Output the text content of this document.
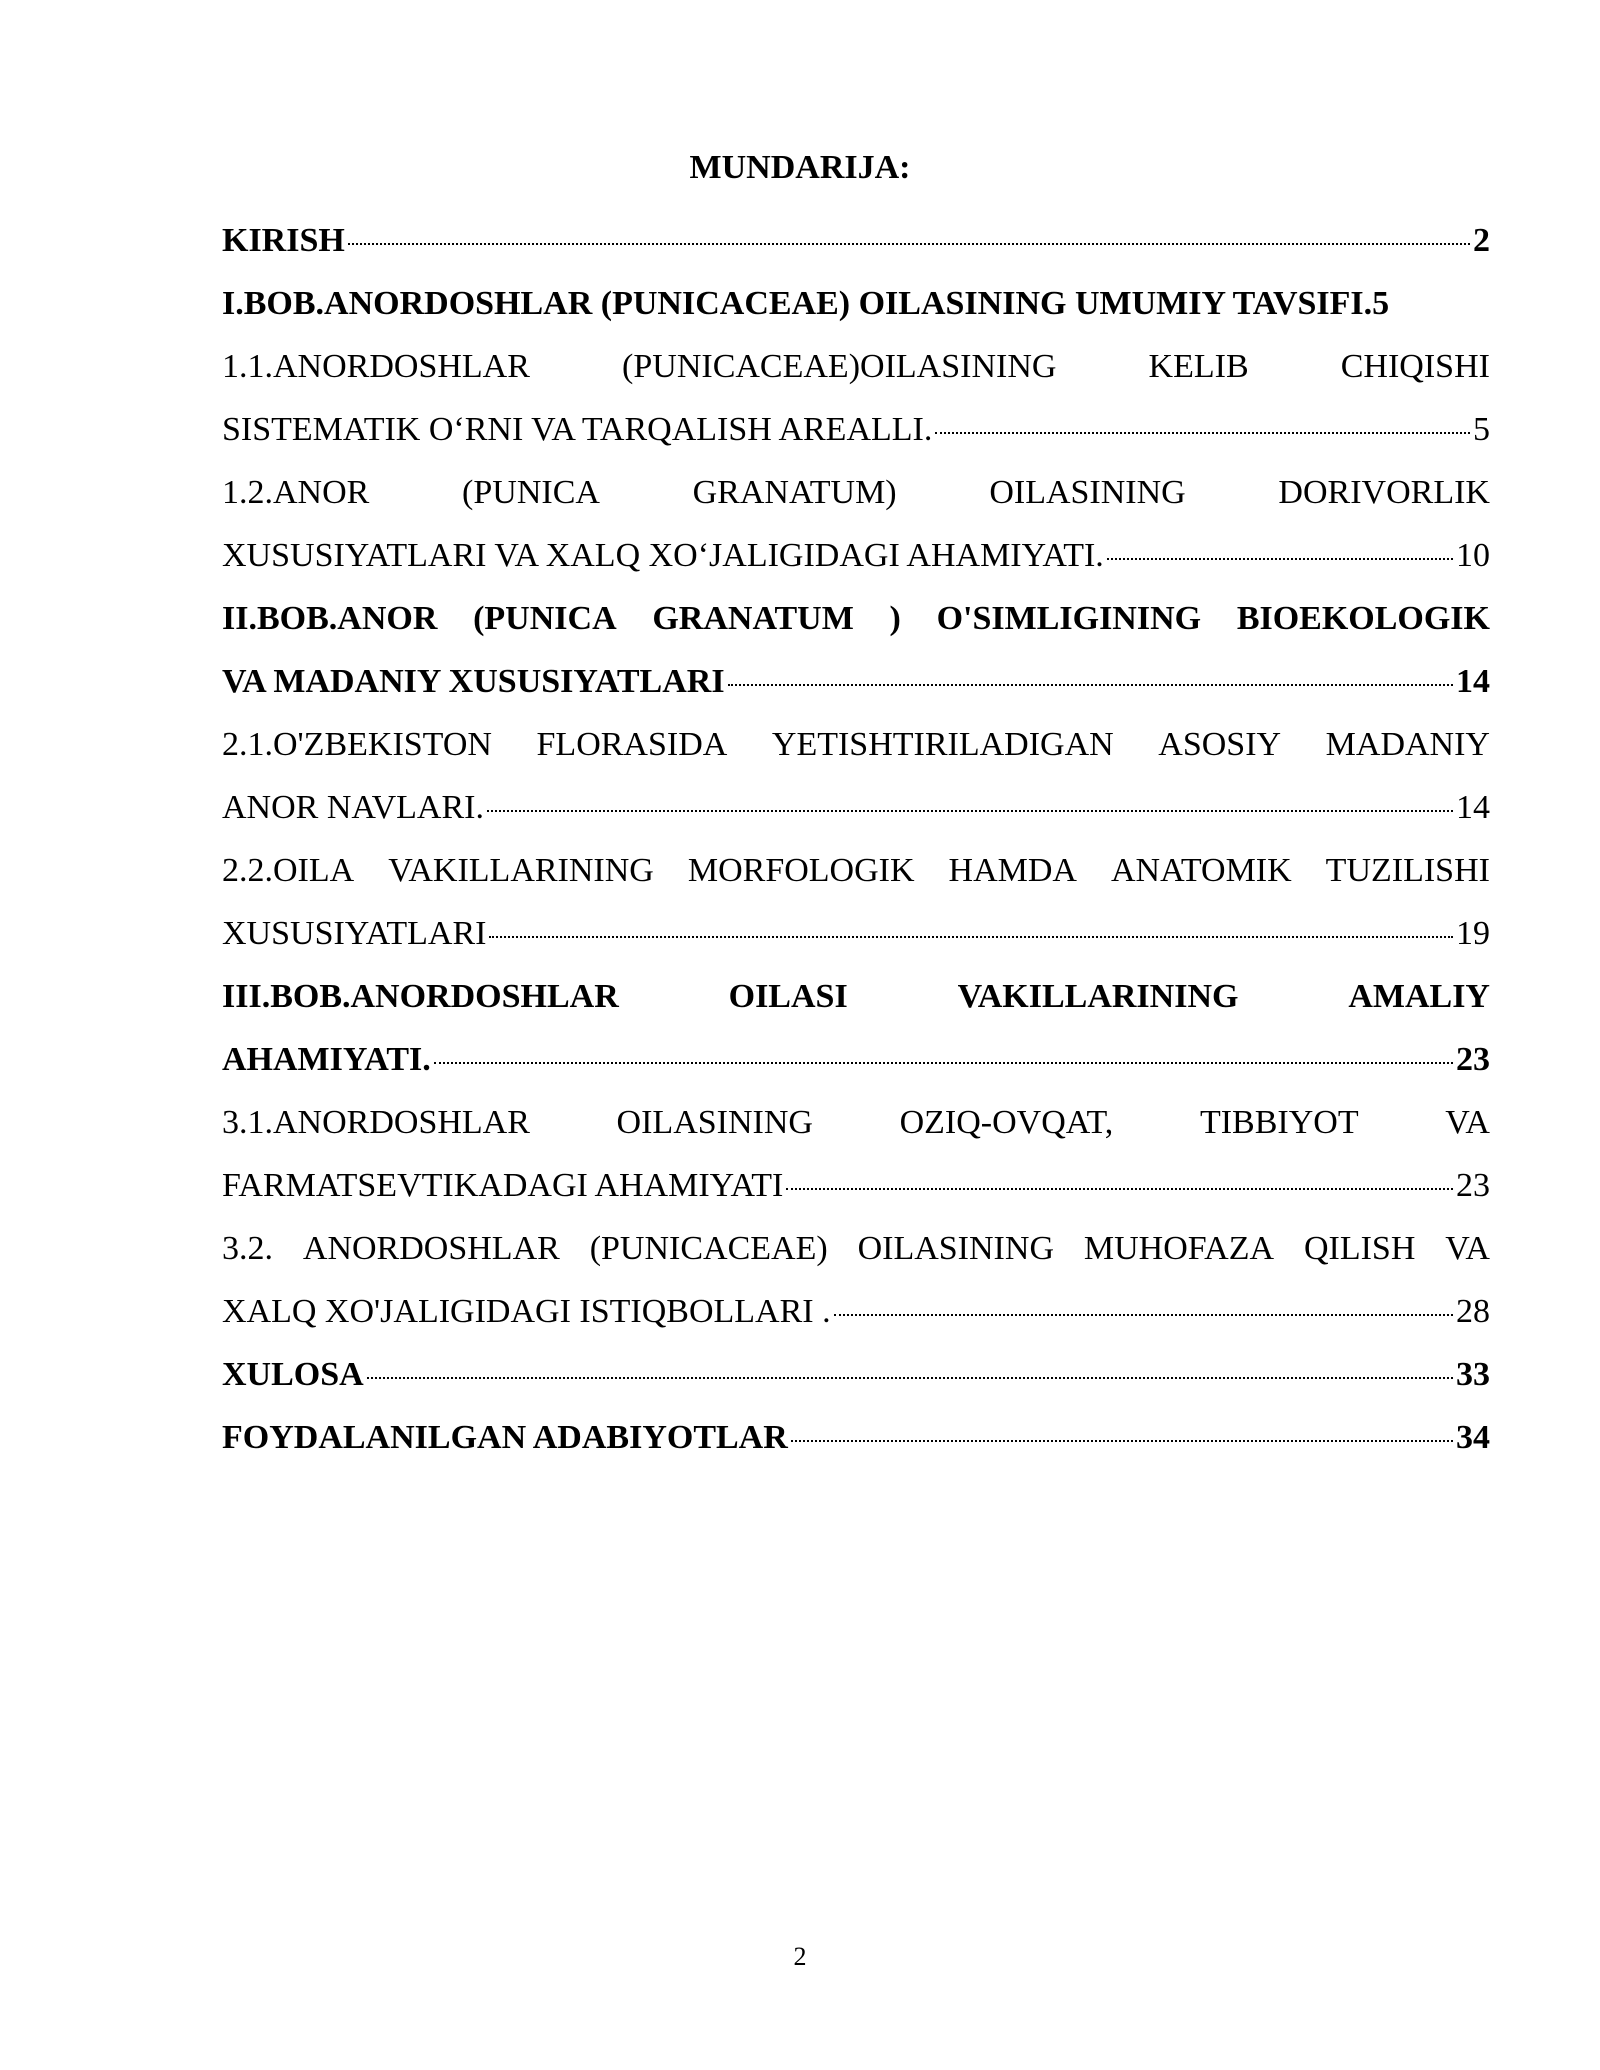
MUNDARIJA:
KIRISH	2
I.BOB.ANORDOSHLAR (PUNICACEAE) OILASINING UMUMIY TAVSIFI.5
1.1.ANORDOSHLAR	(PUNICACEAE)OILASINING	KELIB	CHIQISHI
SISTEMATIK O‘RNI VA TARQALISH AREALLI.	5
1.2.ANOR	(PUNICA	GRANATUM)	OILASINING	DORIVORLIK
XUSUSIYATLARI VA XALQ XO‘JALIGIDAGI AHAMIYATI.	10
II.BOB.ANOR (PUNICA GRANATUM ) O'SIMLIGINING BIOEKOLOGIK
VA MADANIY XUSUSIYATLARI	14
2.1.O'ZBEKISTON FLORASIDA YETISHTIRILADIGAN ASOSIY MADANIY
ANOR NAVLARI.	14
2.2.OILA VAKILLARINING MORFOLOGIK HAMDA ANATOMIK TUZILISHI
XUSUSIYATLARI	19
III.BOB.ANORDOSHLAR	OILASI	VAKILLARINING	AMALIY
AHAMIYATI.	23
3.1.ANORDOSHLAR	OILASINING	OZIQ-OVQAT,	TIBBIYOT	VA
FARMATSEVTIKADAGI AHAMIYATI	23
3.2. ANORDOSHLAR (PUNICACEAE) OILASINING MUHOFAZA QILISH VA
XALQ XO'JALIGIDAGI ISTIQBOLLARI .	28
XULOSA	33
FOYDALANILGAN ADABIYOTLAR	34
2
